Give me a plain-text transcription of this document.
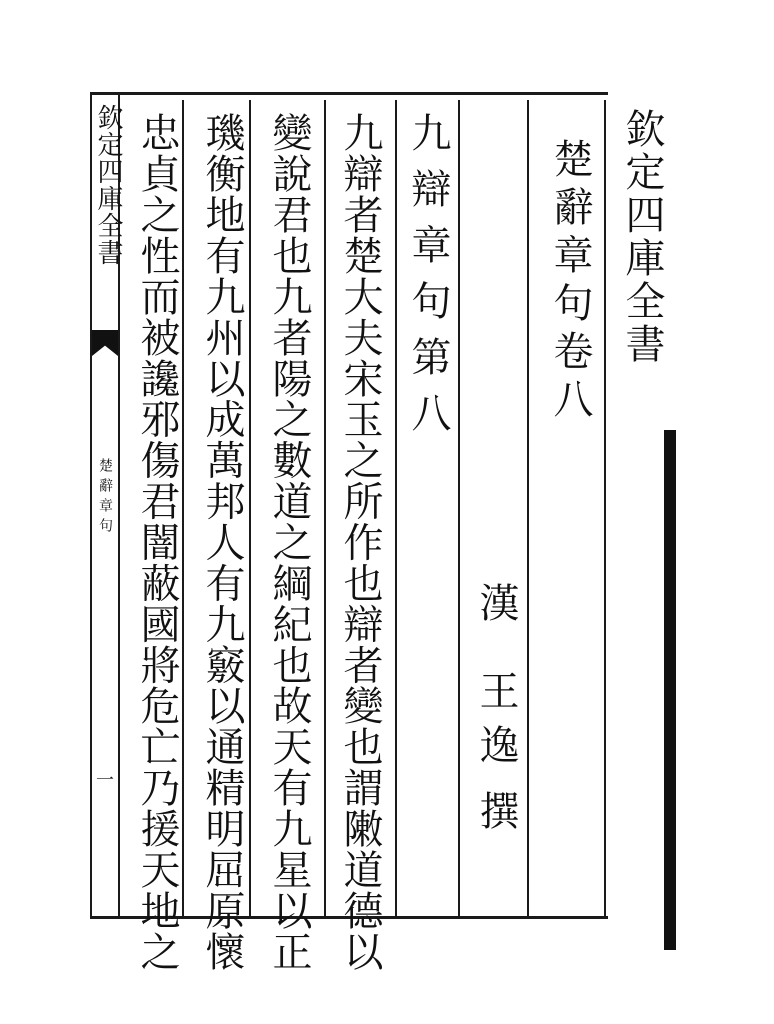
欽定四庫全書
楚辭章句
一
欽定四庫全書
楚辭章句卷八
漢
王逸
撰
九辯章句第八
九辯者楚大夫宋玉之所作也辯者變也謂敶道德以
變說君也九者陽之數道之綱紀也故天有九星以正
璣衡地有九州以成萬邦人有九竅以通精明屈原懷
忠貞之性而被讒邪傷君闇蔽國將危亡乃援天地之
